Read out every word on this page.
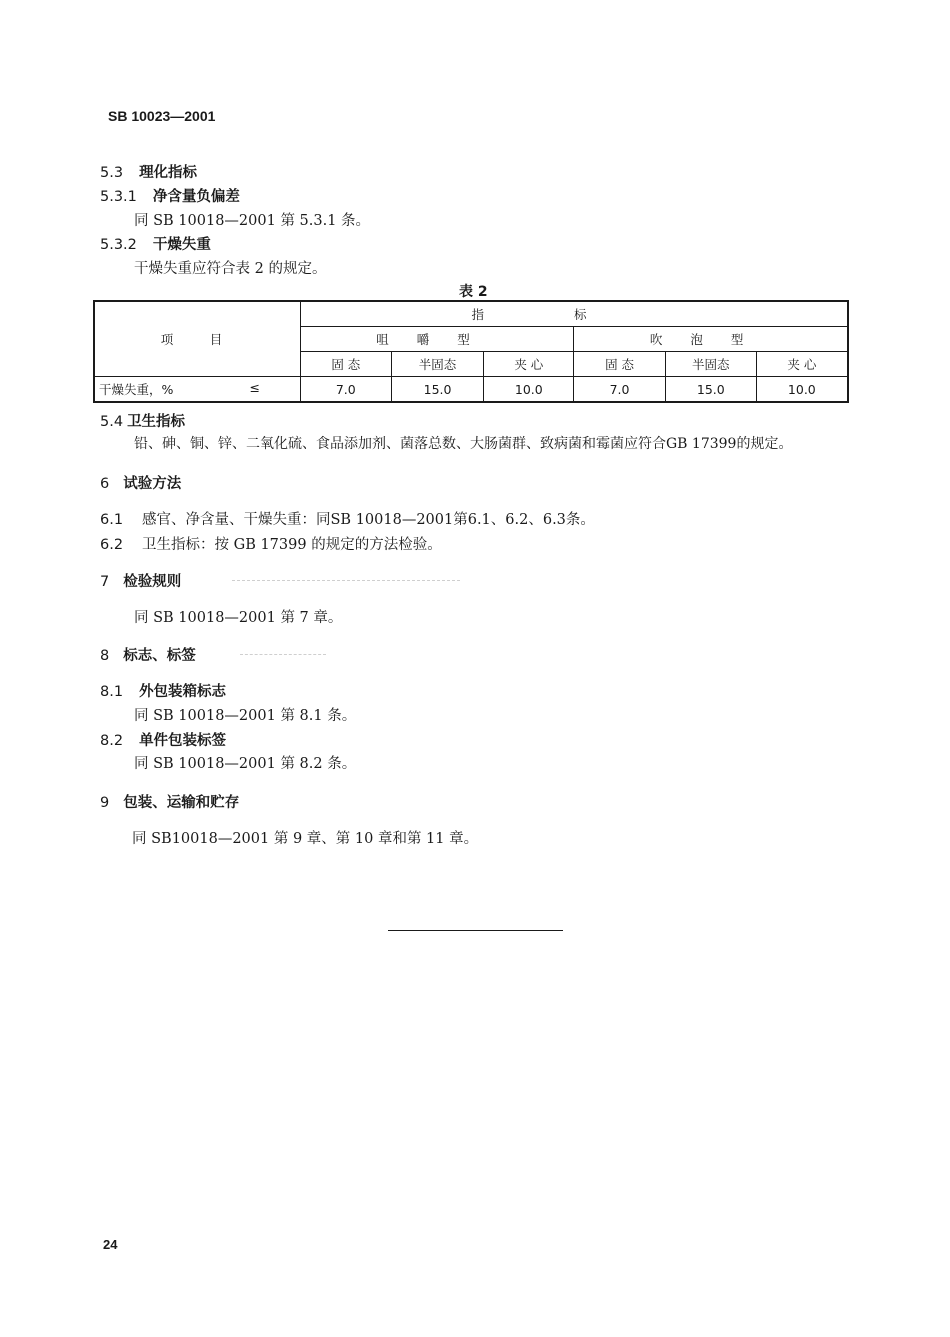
SB 10023—2001
5.3 理化指标
5.3.1 净含量负偏差
同 SB 10018—2001 第 5.3.1 条。
5.3.2 干燥失重
干燥失重应符合表 2 的规定。
表 2
项　目	指标					
	咀嚼型			吹泡型		
	固 态	半固态	夹 心	固 态	半固态	夹 心
干燥失重，% ≤	7.0	15.0	10.0	7.0	15.0	10.0
5.4 卫生指标
铅、砷、铜、锌、二氧化硫、食品添加剂、菌落总数、大肠菌群、致病菌和霉菌应符合GB 17399的规定。
6 试验方法
6.1 感官、净含量、干燥失重：同SB 10018—2001第6.1、6.2、6.3条。
6.2 卫生指标：按 GB 17399 的规定的方法检验。
7 检验规则
同 SB 10018—2001 第 7 章。
8 标志、标签
8.1 外包装箱标志
同 SB 10018—2001 第 8.1 条。
8.2 单件包装标签
同 SB 10018—2001 第 8.2 条。
9 包装、运输和贮存
同 SB10018—2001 第 9 章、第 10 章和第 11 章。
24
